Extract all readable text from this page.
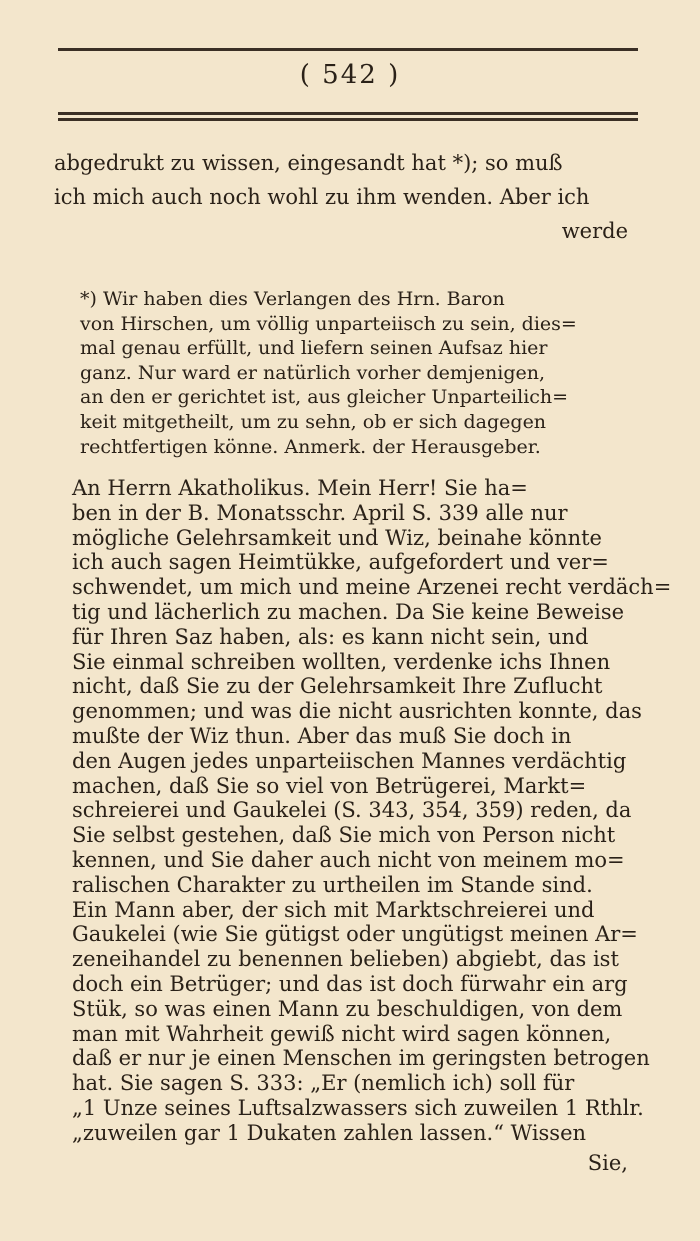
( 542 )
abgedrukt zu wissen, eingesandt hat *); so muß
ich mich auch noch wohl zu ihm wenden. Aber ich
werde
*) Wir haben dies Verlangen des Hrn. Baron
von Hirschen, um völlig unparteiisch zu sein, dies=
mal genau erfüllt, und liefern seinen Aufsaz hier
ganz. Nur ward er natürlich vorher demjenigen,
an den er gerichtet ist, aus gleicher Unparteilich=
keit mitgetheilt, um zu sehn, ob er sich dagegen
rechtfertigen könne. Anmerk. der Herausgeber.
An Herrn Akatholikus. Mein Herr! Sie ha=
ben in der B. Monatsschr. April S. 339 alle nur
mögliche Gelehrsamkeit und Wiz, beinahe könnte
ich auch sagen Heimtükke, aufgefordert und ver=
schwendet, um mich und meine Arzenei recht verdäch=
tig und lächerlich zu machen. Da Sie keine Beweise
für Ihren Saz haben, als: es kann nicht sein, und
Sie einmal schreiben wollten, verdenke ichs Ihnen
nicht, daß Sie zu der Gelehrsamkeit Ihre Zuflucht
genommen; und was die nicht ausrichten konnte, das
mußte der Wiz thun. Aber das muß Sie doch in
den Augen jedes unparteiischen Mannes verdächtig
machen, daß Sie so viel von Betrügerei, Markt=
schreierei und Gaukelei (S. 343, 354, 359) reden, da
Sie selbst gestehen, daß Sie mich von Person nicht
kennen, und Sie daher auch nicht von meinem mo=
ralischen Charakter zu urtheilen im Stande sind.
Ein Mann aber, der sich mit Marktschreierei und
Gaukelei (wie Sie gütigst oder ungütigst meinen Ar=
zeneihandel zu benennen belieben) abgiebt, das ist
doch ein Betrüger; und das ist doch fürwahr ein arg
Stük, so was einen Mann zu beschuldigen, von dem
man mit Wahrheit gewiß nicht wird sagen können,
daß er nur je einen Menschen im geringsten betrogen
hat. Sie sagen S. 333: „Er (nemlich ich) soll für
„1 Unze seines Luftsalzwassers sich zuweilen 1 Rthlr.
„zuweilen gar 1 Dukaten zahlen lassen.“ Wissen
Sie,
